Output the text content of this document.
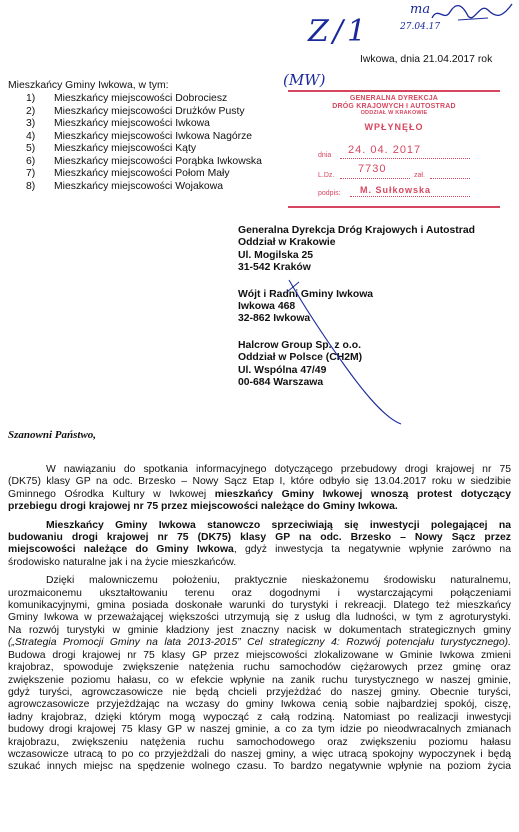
Z/1
ma
27.04.17
(MW)
Iwkowa, dnia 21.04.2017 rok
Mieszkańcy Gminy Iwkowa, w tym:
1) Mieszkańcy miejscowości Dobrociesz
2) Mieszkańcy miejscowości Drużków Pusty
3) Mieszkańcy miejscowości Iwkowa
4) Mieszkańcy miejscowości Iwkowa Nagórze
5) Mieszkańcy miejscowości Kąty
6) Mieszkańcy miejscowości Porąbka Iwkowska
7) Mieszkańcy miejscowości Połom Mały
8) Mieszkańcy miejscowości Wojakowa
GENERALNA DYREKCJA
DRÓG KRAJOWYCH I AUTOSTRAD
ODDZIAŁ W KRAKOWIE
WPŁYNĘŁO
dnia 24. 04. 2017
L.Dz.
7730
zał.
podpis: M. Sułkowska
Generalna Dyrekcja Dróg Krajowych i Autostrad
Oddział w Krakowie
Ul. Mogilska 25
31-542 Kraków
Wójt i Radni Gminy Iwkowa
Iwkowa 468
32-862 Iwkowa
Halcrow Group Sp. z o.o.
Oddział w Polsce (CH2M)
Ul. Wspólna 47/49
00-684 Warszawa
Szanowni Państwo,
W nawiązaniu do spotkania informacyjnego dotyczącego przebudowy drogi krajowej nr 75
(DK75) klasy GP na odc. Brzesko – Nowy Sącz Etap I, które odbyło się 13.04.2017 roku w siedzibie
Gminnego Ośrodka Kultury w Iwkowej mieszkańcy Gminy Iwkowej wnoszą protest dotyczący
przebiegu drogi krajowej nr 75 przez miejscowości należące do Gminy Iwkowa.
Mieszkańcy Gminy Iwkowa stanowczo sprzeciwiają się inwestycji polegającej na
budowaniu drogi krajowej nr 75 (DK75) klasy GP na odc. Brzesko – Nowy Sącz przez
miejscowości należące do Gminy Iwkowa, gdyż inwestycja ta negatywnie wpłynie zarówno na
środowisko naturalne jak i na życie mieszkańców.
Dzięki malowniczemu położeniu, praktycznie nieskażonemu środowisku naturalnemu,
urozmaiconemu ukształtowaniu terenu oraz dogodnymi i wystarczającymi połączeniami
komunikacyjnymi, gmina posiada doskonałe warunki do turystyki i rekreacji. Dlatego też mieszkańcy
Gminy Iwkowa w przeważającej większości utrzymują się z usług dla ludności, w tym z agroturystyki.
Na rozwój turystyki w gminie kładziony jest znaczny nacisk w dokumentach strategicznych gminy
(„Strategia Promocji Gminy na lata 2013-2015” Cel strategiczny 4: Rozwój potencjału turystycznego).
Budowa drogi krajowej nr 75 klasy GP przez miejscowości zlokalizowane w Gminie Iwkowa zmieni
krajobraz, spowoduje zwiększenie natężenia ruchu samochodów ciężarowych przez gminę oraz
zwiększenie poziomu hałasu, co w efekcie wpłynie na zanik ruchu turystycznego w naszej gminie,
gdyż turyści, agrowczasowicze nie będą chcieli przyjeżdżać do naszej gminy. Obecnie turyści,
agrowczasowicze przyjeżdżając na wczasy do gminy Iwkowa cenią sobie najbardziej spokój, ciszę,
ładny krajobraz, dzięki którym mogą wypocząć z całą rodziną. Natomiast po realizacji inwestycji
budowy drogi krajowej 75 klasy GP w naszej gminie, a co za tym idzie po nieodwracalnych zmianach
krajobrazu, zwiększeniu natężenia ruchu samochodowego oraz zwiększeniu poziomu hałasu
wczasowicze utracą to po co przyjeżdżali do naszej gminy, a więc utracą spokojny wypoczynek i będą
szukać innych miejsc na spędzenie wolnego czasu. To bardzo negatywnie wpłynie na poziom życia
